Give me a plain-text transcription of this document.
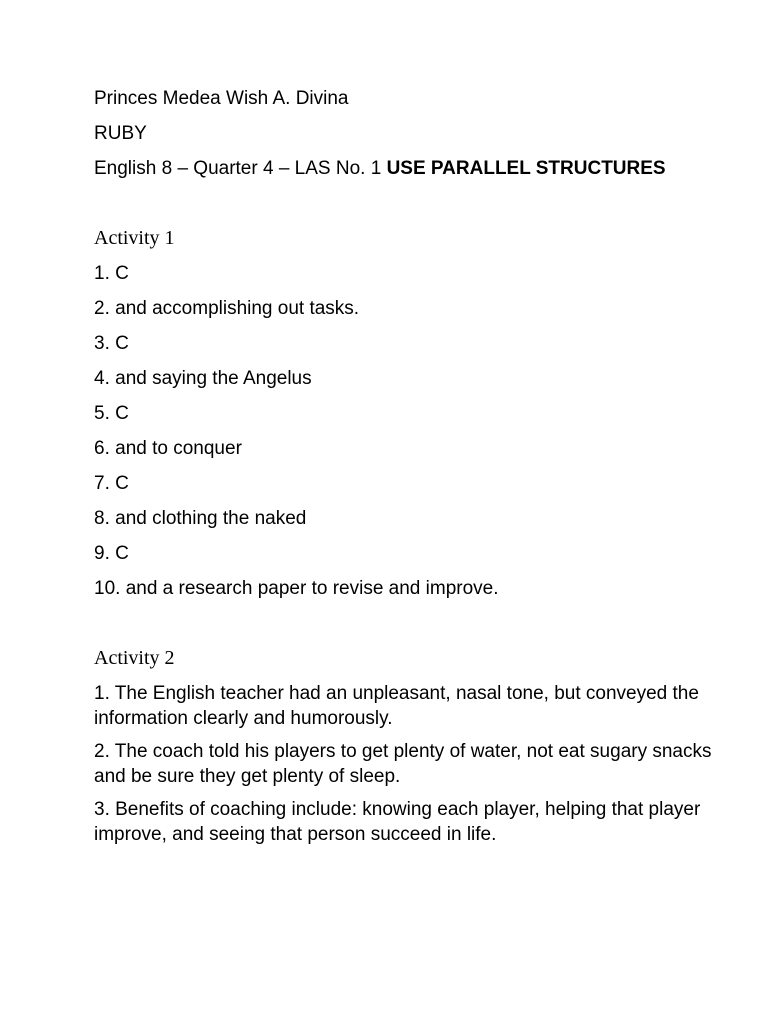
Princes Medea Wish A. Divina
RUBY
English 8 – Quarter 4 – LAS No. 1 USE PARALLEL STRUCTURES
Activity 1
1. C
2. and accomplishing out tasks.
3. C
4. and saying the Angelus
5. C
6. and to conquer
7. C
8. and clothing the naked
9. C
10. and a research paper to revise and improve.
Activity 2
1. The English teacher had an unpleasant, nasal tone, but conveyed the information clearly and humorously.
2. The coach told his players to get plenty of water, not eat sugary snacks and be sure they get plenty of sleep.
3. Benefits of coaching include: knowing each player, helping that player improve, and seeing that person succeed in life.
